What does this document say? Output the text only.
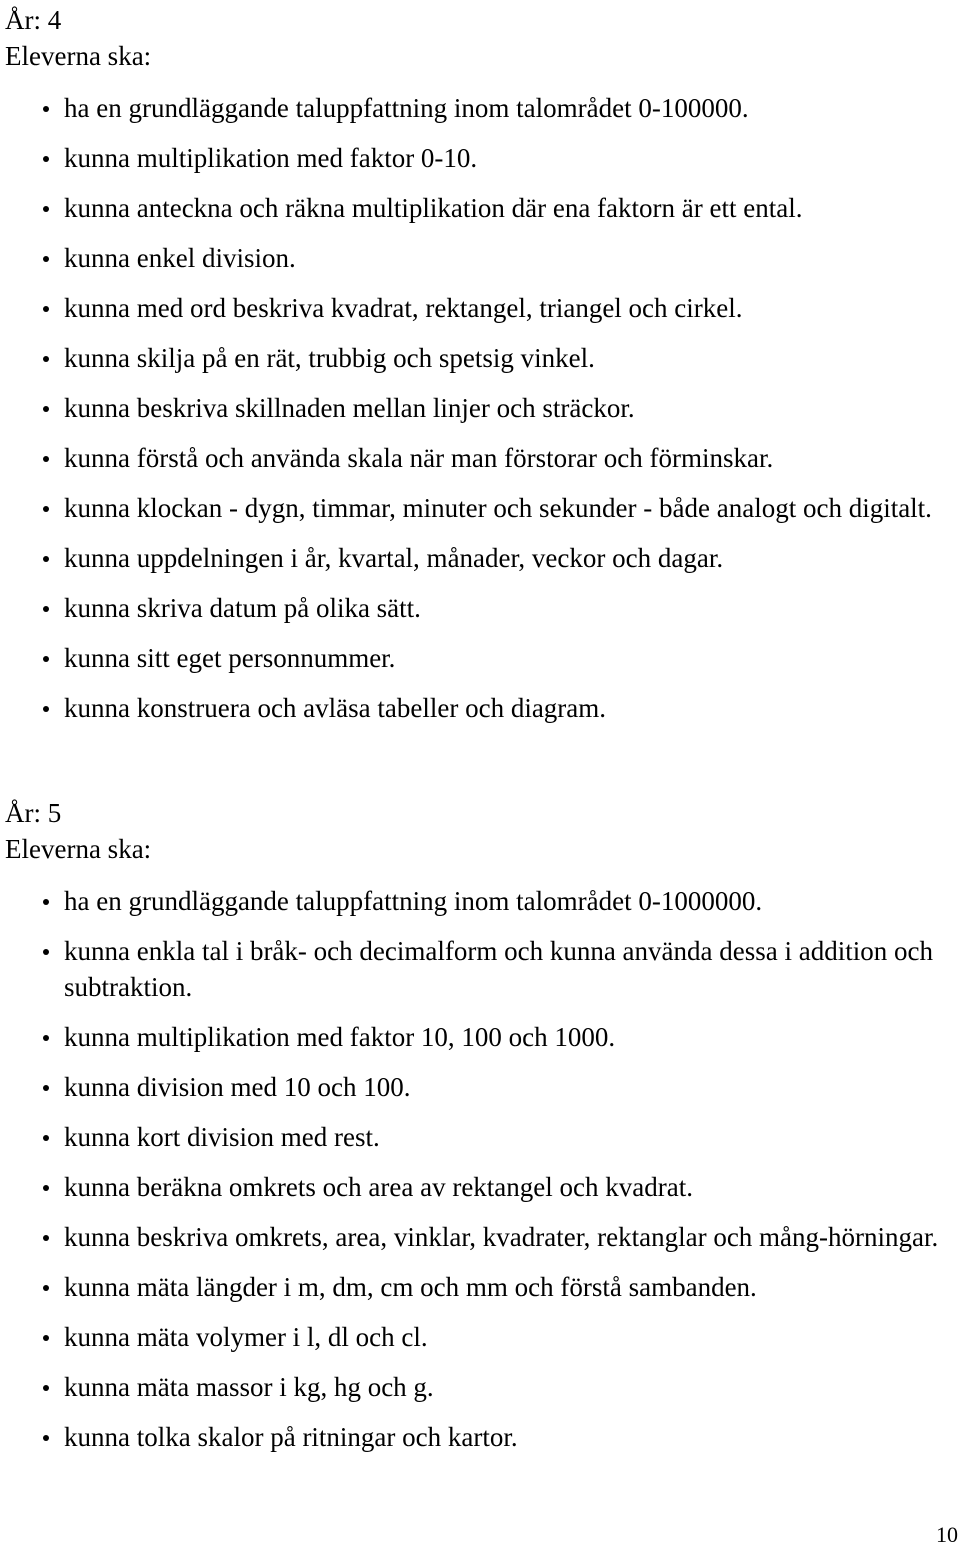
År: 4
Eleverna ska:
ha en grundläggande taluppfattning inom talområdet 0-100000.
kunna multiplikation med faktor 0-10.
kunna anteckna och räkna multiplikation där ena faktorn är ett ental.
kunna enkel division.
kunna med ord beskriva kvadrat, rektangel, triangel och cirkel.
kunna skilja på en rät, trubbig och spetsig vinkel.
kunna beskriva skillnaden mellan linjer och sträckor.
kunna förstå och använda skala när man förstorar och förminskar.
kunna klockan - dygn, timmar, minuter och sekunder - både analogt och digitalt.
kunna uppdelningen i år, kvartal, månader, veckor och dagar.
kunna skriva datum på olika sätt.
kunna sitt eget personnummer.
kunna konstruera och avläsa tabeller och diagram.
År: 5
Eleverna ska:
ha en grundläggande taluppfattning inom talområdet 0-1000000.
kunna enkla tal i bråk- och decimalform och kunna använda dessa i addition och subtraktion.
kunna multiplikation med faktor 10, 100 och 1000.
kunna division med 10 och 100.
kunna kort division med rest.
kunna beräkna omkrets och area av rektangel och kvadrat.
kunna beskriva omkrets, area, vinklar, kvadrater, rektanglar och mång-hörningar.
kunna mäta längder i m, dm, cm och mm och förstå sambanden.
kunna mäta volymer i l, dl och cl.
kunna mäta massor i kg, hg och g.
kunna tolka skalor på ritningar och kartor.
10
